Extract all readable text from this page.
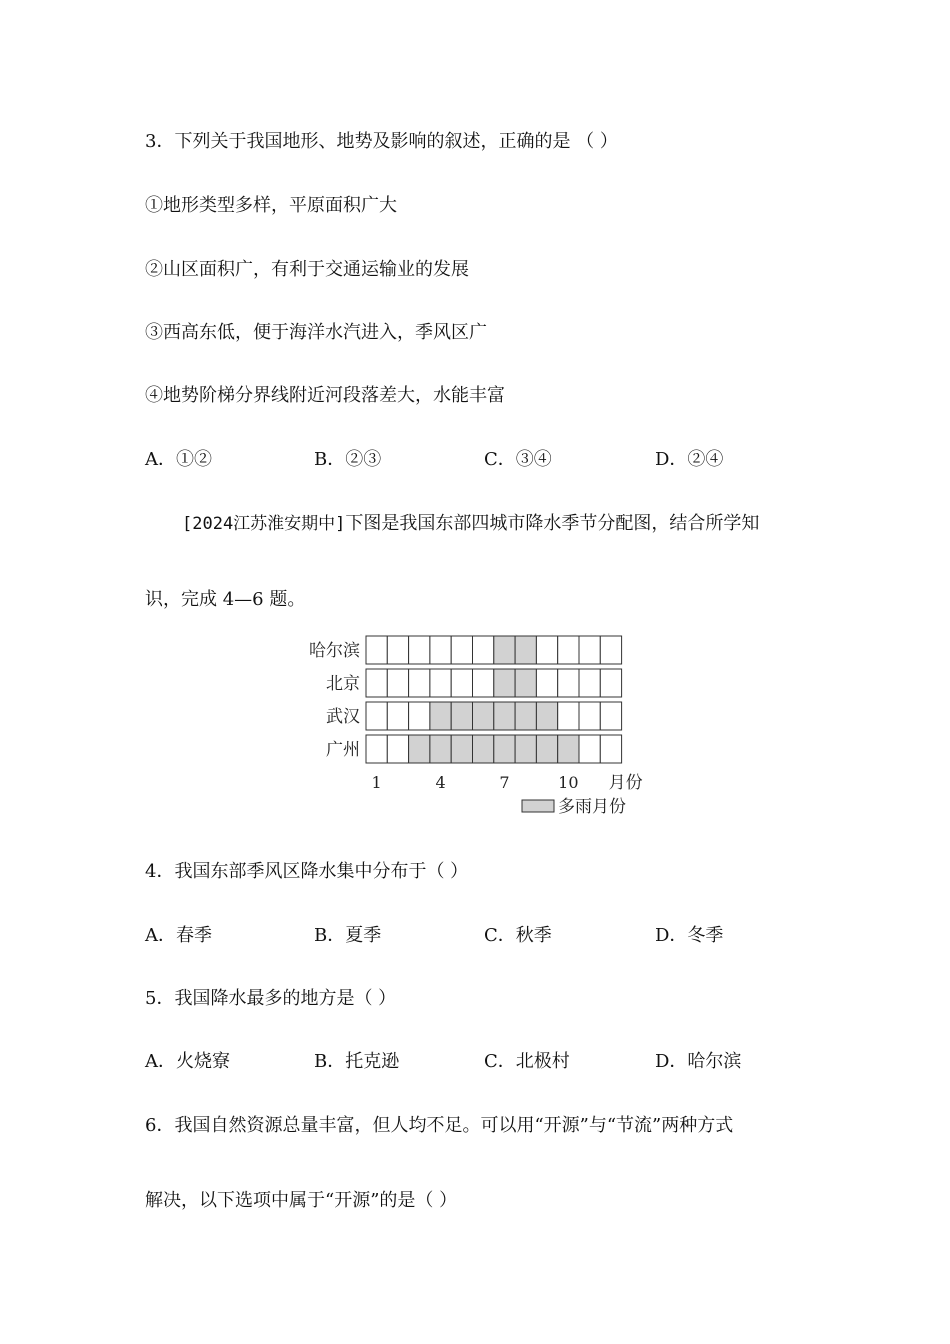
3．下列关于我国地形、地势及影响的叙述，正确的是 （ ）
①地形类型多样，平原面积广大
②山区面积广，有利于交通运输业的发展
③西高东低，便于海洋水汽进入，季风区广
④地势阶梯分界线附近河段落差大，水能丰富
A．①②	B．②③	C．③④	D．②④
[2024江苏淮安期中]下图是我国东部四城市降水季节分配图，结合所学知
识，完成 4—6 题。
哈尔滨
北京
武汉
广州
1	4	7	10 月份
多雨月份
4．我国东部季风区降水集中分布于（ ）
A．春季	B．夏季	C．秋季	D．冬季
5．我国降水最多的地方是（ ）
A．火烧寮	B．托克逊	C．北极村	D．哈尔滨
6．我国自然资源总量丰富，但人均不足。可以用“开源”与“节流”两种方式
解决，以下选项中属于“开源”的是（ ）
